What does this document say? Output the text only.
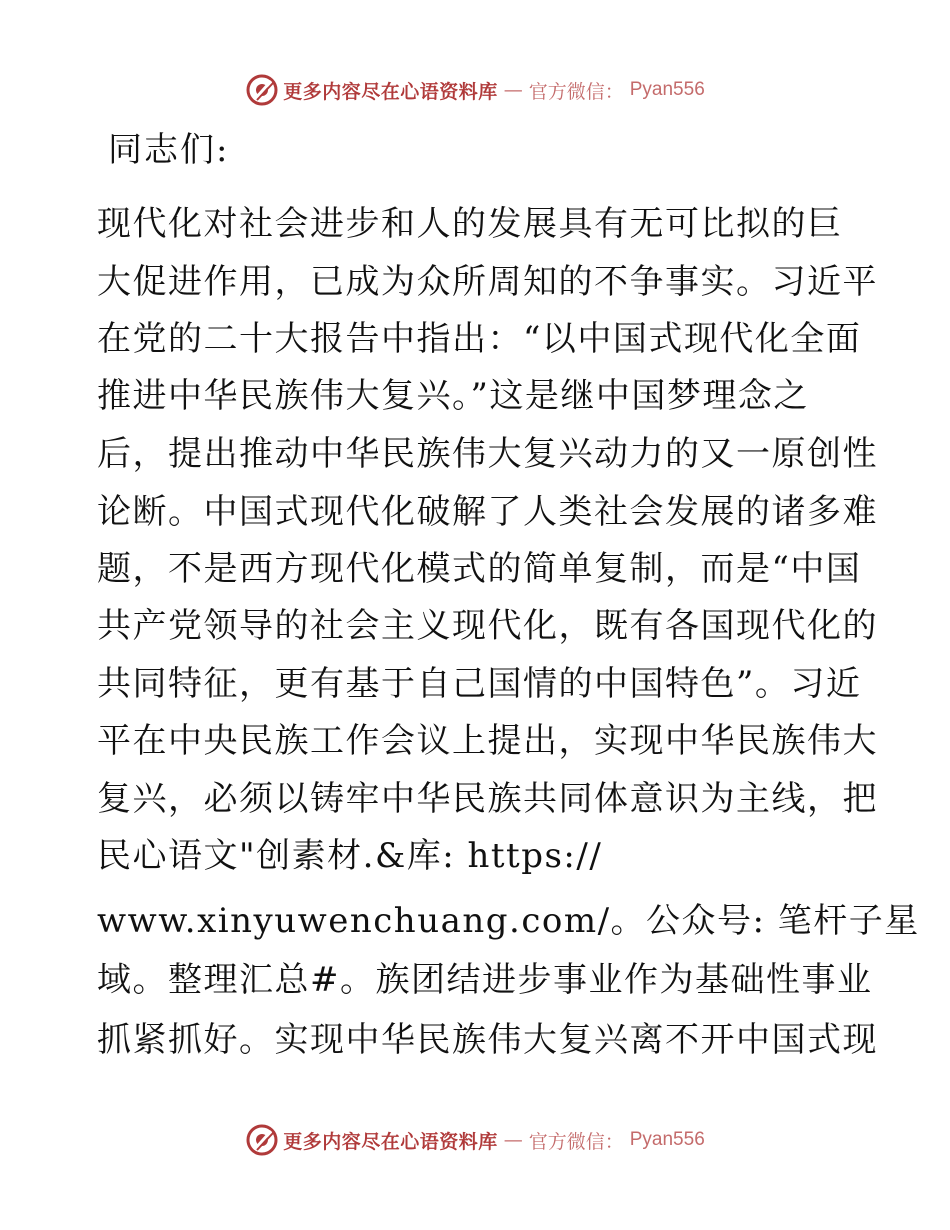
更多内容尽在心语资料库 — 官方微信： Pyan556
同志们:
现代化对社会进步和人的发展具有无可比拟的巨
大促进作用，已成为众所周知的不争事实。习近平
在党的二十大报告中指出：“以中国式现代化全面
推进中华民族伟大复兴。”这是继中国梦理念之
后，提出推动中华民族伟大复兴动力的又一原创性
论断。中国式现代化破解了人类社会发展的诸多难
题，不是西方现代化模式的简单复制，而是“中国
共产党领导的社会主义现代化，既有各国现代化的
共同特征，更有基于自己国情的中国特色”。习近
平在中央民族工作会议上提出，实现中华民族伟大
复兴，必须以铸牢中华民族共同体意识为主线，把
民心语文"创素材.&库: https://
www.xinyuwenchuang.com/。公众号: 笔杆子星
域。整理汇总#。族团结进步事业作为基础性事业
抓紧抓好。实现中华民族伟大复兴离不开中国式现
更多内容尽在心语资料库 — 官方微信： Pyan556
